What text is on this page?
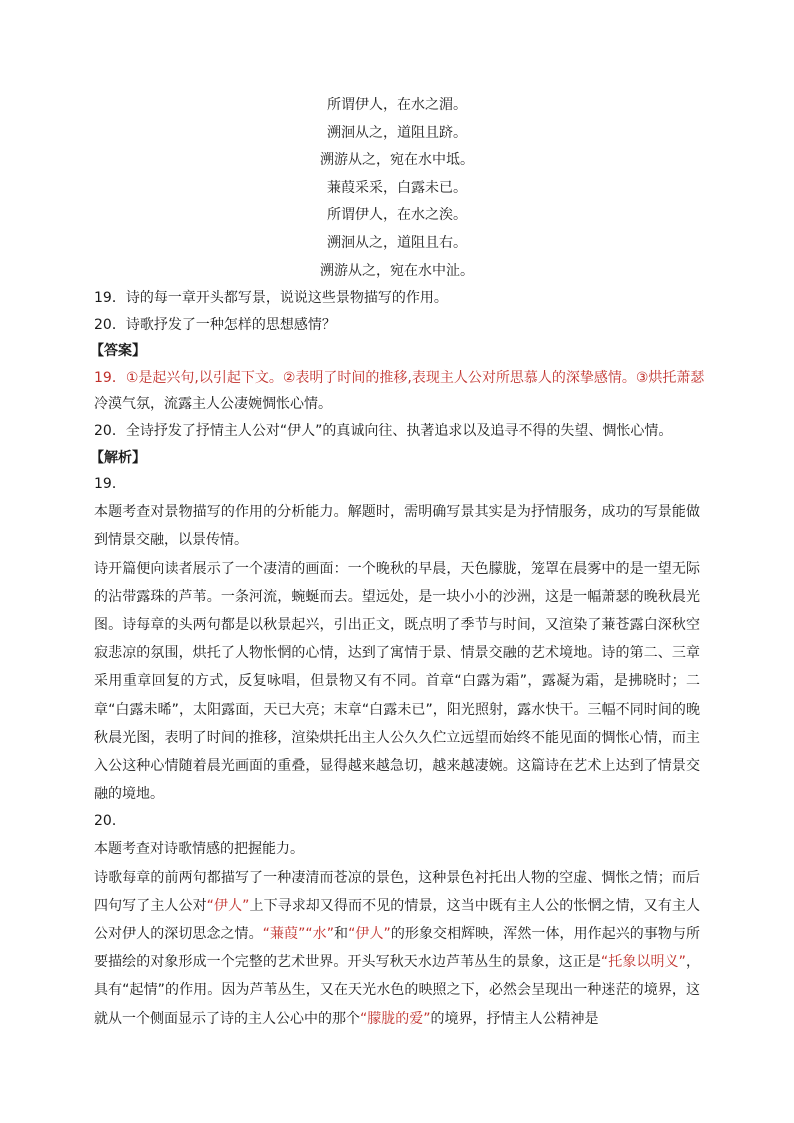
所谓伊人，在水之湄。
溯洄从之，道阻且跻。
溯游从之，宛在水中坻。
蒹葭采采，白露未已。
所谓伊人，在水之涘。
溯洄从之，道阻且右。
溯游从之，宛在水中沚。
19．诗的每一章开头都写景，说说这些景物描写的作用。
20．诗歌抒发了一种怎样的思想感情？
【答案】
19．①是起兴句,以引起下文。②表明了时间的推移,表现主人公对所思慕人的深挚感情。③烘托萧瑟
冷漠气氛，流露主人公凄婉惆怅心情。
20．全诗抒发了抒情主人公对“伊人”的真诚向往、执著追求以及追寻不得的失望、惆怅心情。
【解析】
19．
本题考查对景物描写的作用的分析能力。解题时，需明确写景其实是为抒情服务，成功的写景能做到情景交融，以景传情。
诗开篇便向读者展示了一个凄清的画面：一个晚秋的早晨，天色朦胧，笼罩在晨雾中的是一望无际的沾带露珠的芦苇。一条河流，蜿蜒而去。望远处，是一块小小的沙洲，这是一幅萧瑟的晚秋晨光图。诗每章的头两句都是以秋景起兴，引出正文，既点明了季节与时间，又渲染了蒹苍露白深秋空寂悲凉的氛围，烘托了人物怅惘的心情，达到了寓情于景、情景交融的艺术境地。诗的第二、三章采用重章回复的方式，反复咏唱，但景物又有不同。首章“白露为霜”，露凝为霜，是拂晓时；二章“白露未晞”，太阳露面，天已大亮；末章“白露未已”，阳光照射，露水快干。三幅不同时间的晚秋晨光图，表明了时间的推移，渲染烘托出主人公久久伫立远望而始终不能见面的惆怅心情，而主入公这种心情随着晨光画面的重叠，显得越来越急切，越来越凄婉。这篇诗在艺术上达到了情景交融的境地。
20．
本题考查对诗歌情感的把握能力。
诗歌每章的前两句都描写了一种凄清而苍凉的景色，这种景色衬托出人物的空虚、惆怅之情；而后四句写了主人公对“伊人”上下寻求却又得而不见的情景，这当中既有主人公的怅惘之情，又有主人公对伊人的深切思念之情。“蒹葭”“水”和“伊人”的形象交相辉映，浑然一体，用作起兴的事物与所要描绘的对象形成一个完整的艺术世界。开头写秋天水边芦苇丛生的景象，这正是“托象以明义”，具有“起情”的作用。因为芦苇丛生，又在天光水色的映照之下，必然会呈现出一种迷茫的境界，这就从一个侧面显示了诗的主人公心中的那个“朦胧的爱”的境界，抒情主人公精神是
